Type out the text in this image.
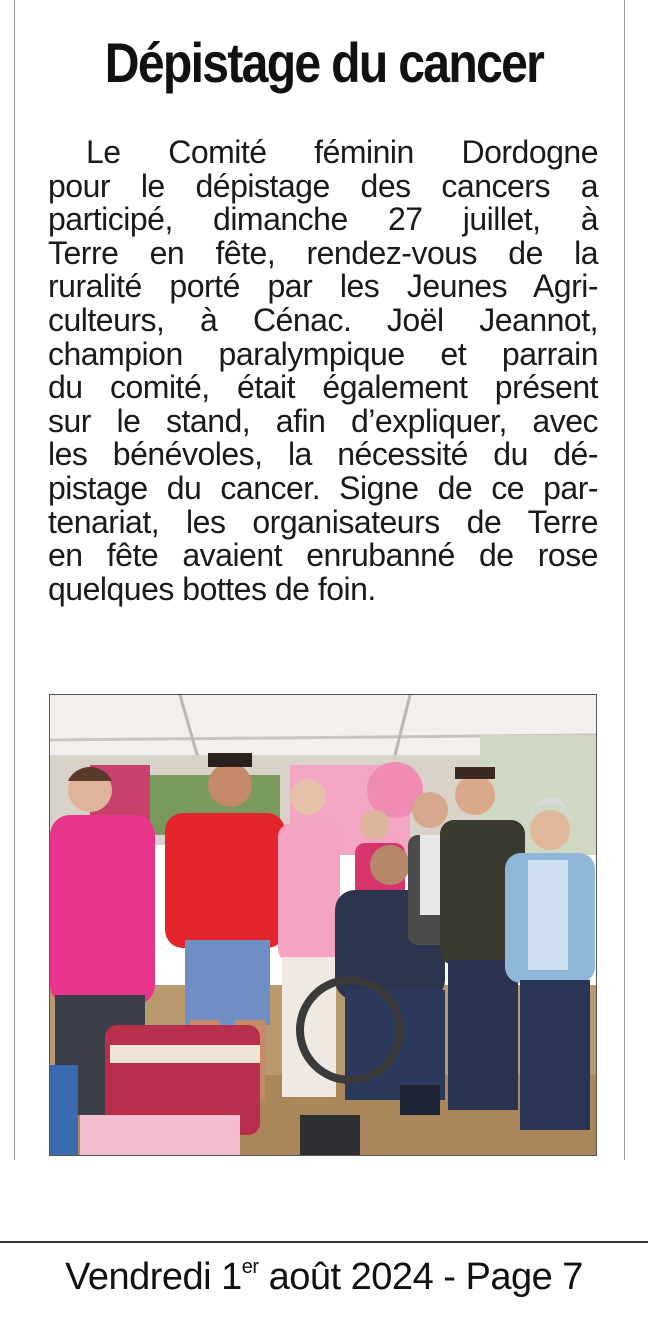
Dépistage du cancer
Le Comité féminin Dordogne
pour le dépistage des cancers a
participé, dimanche 27 juillet, à
Terre en fête, rendez-vous de la
ruralité porté par les Jeunes Agri-
culteurs, à Cénac. Joël Jeannot,
champion paralympique et parrain
du comité, était également présent
sur le stand, afin d’expliquer, avec
les bénévoles, la nécessité du dé-
pistage du cancer. Signe de ce par-
tenariat, les organisateurs de Terre
en fête avaient enrubanné de rose
quelques bottes de foin.
Vendredi 1er août 2024 - Page 7
